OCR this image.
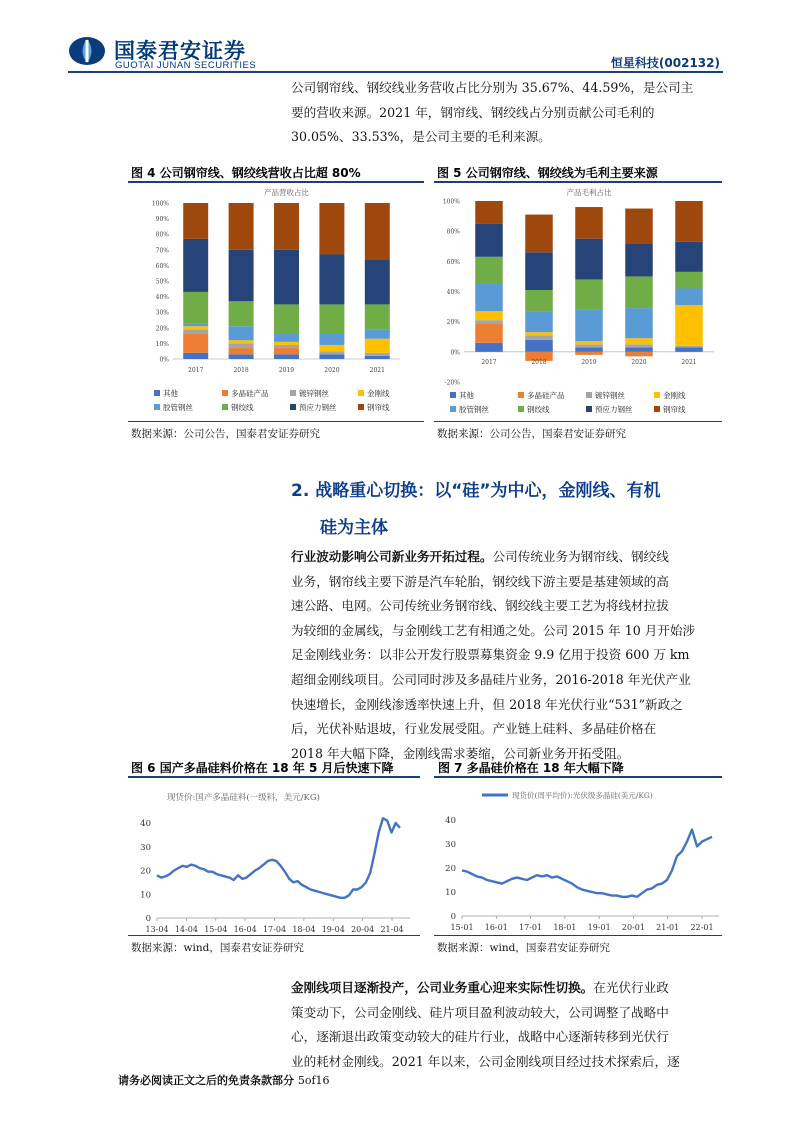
国泰君安证券
GUOTAI JUNAN SECURITIES	恒星科技(002132)
公司钢帘线、钢绞线业务营收占比分别为 35.67%、44.59%，是公司主
要的营收来源。2021 年，钢帘线、钢绞线占分别贡献公司毛利的
30.05%、33.53%，是公司主要的毛利来源。
图 4 公司钢帘线、钢绞线营收占比超 80%
产品营收占比
0%
10%
20%
30%
40%
50%
60%
70%
80%
90%
100%
2017	2018	2019	2020	2021
其他	多晶硅产品	镀锌钢丝	金刚线
胶管钢丝	钢绞线	预应力钢丝	钢帘线
数据来源：公司公告，国泰君安证券研究
图 5 公司钢帘线、钢绞线为毛利主要来源
产品毛利占比
-20%
0%
20%
40%
60%
80%
100%
2017	2018	2019	2020	2021
其他	多晶硅产品	镀锌钢丝	金刚线
胶管钢丝	钢绞线	预应力钢丝	钢帘线
数据来源：公司公告，国泰君安证券研究
2. 战略重心切换：以“硅”为中心，金刚线、有机
硅为主体
行业波动影响公司新业务开拓过程。公司传统业务为钢帘线、钢绞线
业务，钢帘线主要下游是汽车轮胎，钢绞线下游主要是基建领域的高
速公路、电网。公司传统业务钢帘线、钢绞线主要工艺为将线材拉拔
为较细的金属线，与金刚线工艺有相通之处。公司 2015 年 10 月开始涉
足金刚线业务：以非公开发行股票募集资金 9.9 亿用于投资 600 万 km
超细金刚线项目。公司同时涉及多晶硅片业务，2016-2018 年光伏产业
快速增长，金刚线渗透率快速上升，但 2018 年光伏行业“531”新政之
后，光伏补贴退坡，行业发展受阻。产业链上硅料、多晶硅价格在
2018 年大幅下降，金刚线需求萎缩，公司新业务开拓受阻。
图 6 国产多晶硅料价格在 18 年 5 月后快速下降
现货价:国产多晶硅料(一级料，美元/KG)
0
10
20
30
40
13-04 14-04 15-04 16-04 17-04 18-04 19-04 20-04 21-04
数据来源：wind，国泰君安证券研究
图 7 多晶硅价格在 18 年大幅下降
现货价(周平均价):光伏级多晶硅(美元/KG)
0
10
20
30
40
15-01 16-01 17-01 18-01 19-01 20-01 21-01 22-01
数据来源：wind，国泰君安证券研究
金刚线项目逐渐投产，公司业务重心迎来实际性切换。在光伏行业政
策变动下，公司金刚线、硅片项目盈利波动较大，公司调整了战略中
心，逐渐退出政策变动较大的硅片行业，战略中心逐渐转移到光伏行
业的耗材金刚线。2021 年以来，公司金刚线项目经过技术探索后，逐
请务必阅读正文之后的免责条款部分 5of16
